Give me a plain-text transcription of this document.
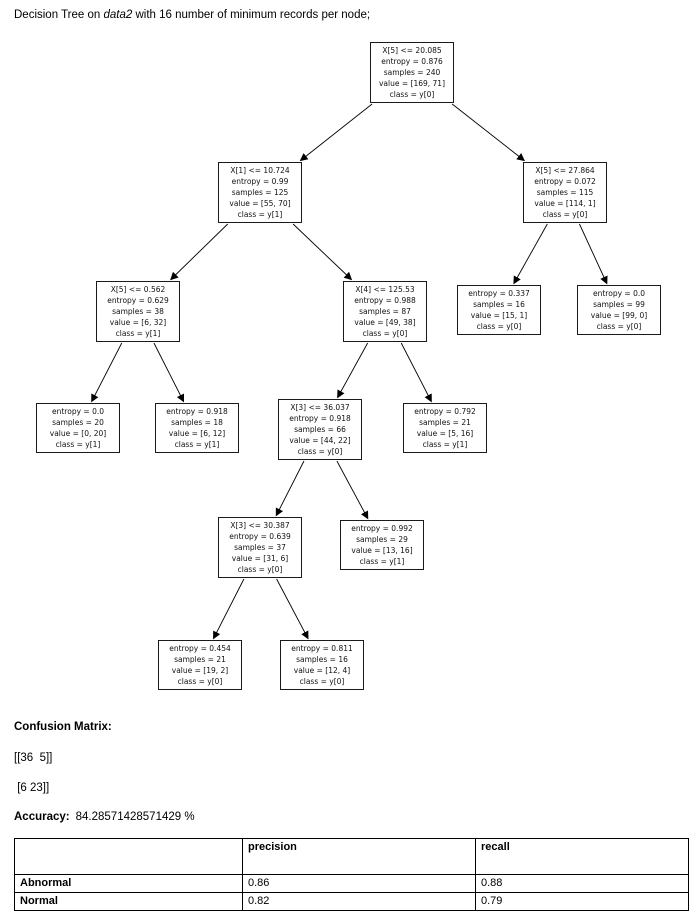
Decision Tree on data2 with 16 number of minimum records per node;
X[5] <= 20.085
entropy = 0.876
samples = 240
value = [169, 71]
class = y[0]
X[1] <= 10.724
entropy = 0.99
samples = 125
value = [55, 70]
class = y[1]
X[5] <= 27.864
entropy = 0.072
samples = 115
value = [114, 1]
class = y[0]
X[5] <= 0.562
entropy = 0.629
samples = 38
value = [6, 32]
class = y[1]
X[4] <= 125.53
entropy = 0.988
samples = 87
value = [49, 38]
class = y[0]
entropy = 0.337
samples = 16
value = [15, 1]
class = y[0]
entropy = 0.0
samples = 99
value = [99, 0]
class = y[0]
entropy = 0.0
samples = 20
value = [0, 20]
class = y[1]
entropy = 0.918
samples = 18
value = [6, 12]
class = y[1]
X[3] <= 36.037
entropy = 0.918
samples = 66
value = [44, 22]
class = y[0]
entropy = 0.792
samples = 21
value = [5, 16]
class = y[1]
X[3] <= 30.387
entropy = 0.639
samples = 37
value = [31, 6]
class = y[0]
entropy = 0.992
samples = 29
value = [13, 16]
class = y[1]
entropy = 0.454
samples = 21
value = [19, 2]
class = y[0]
entropy = 0.811
samples = 16
value = [12, 4]
class = y[0]
Confusion Matrix:
[[36  5]]
[6 23]]
Accuracy: 84.28571428571429 %
	precision	recall
Abnormal	0.86	0.88
Normal	0.82	0.79
